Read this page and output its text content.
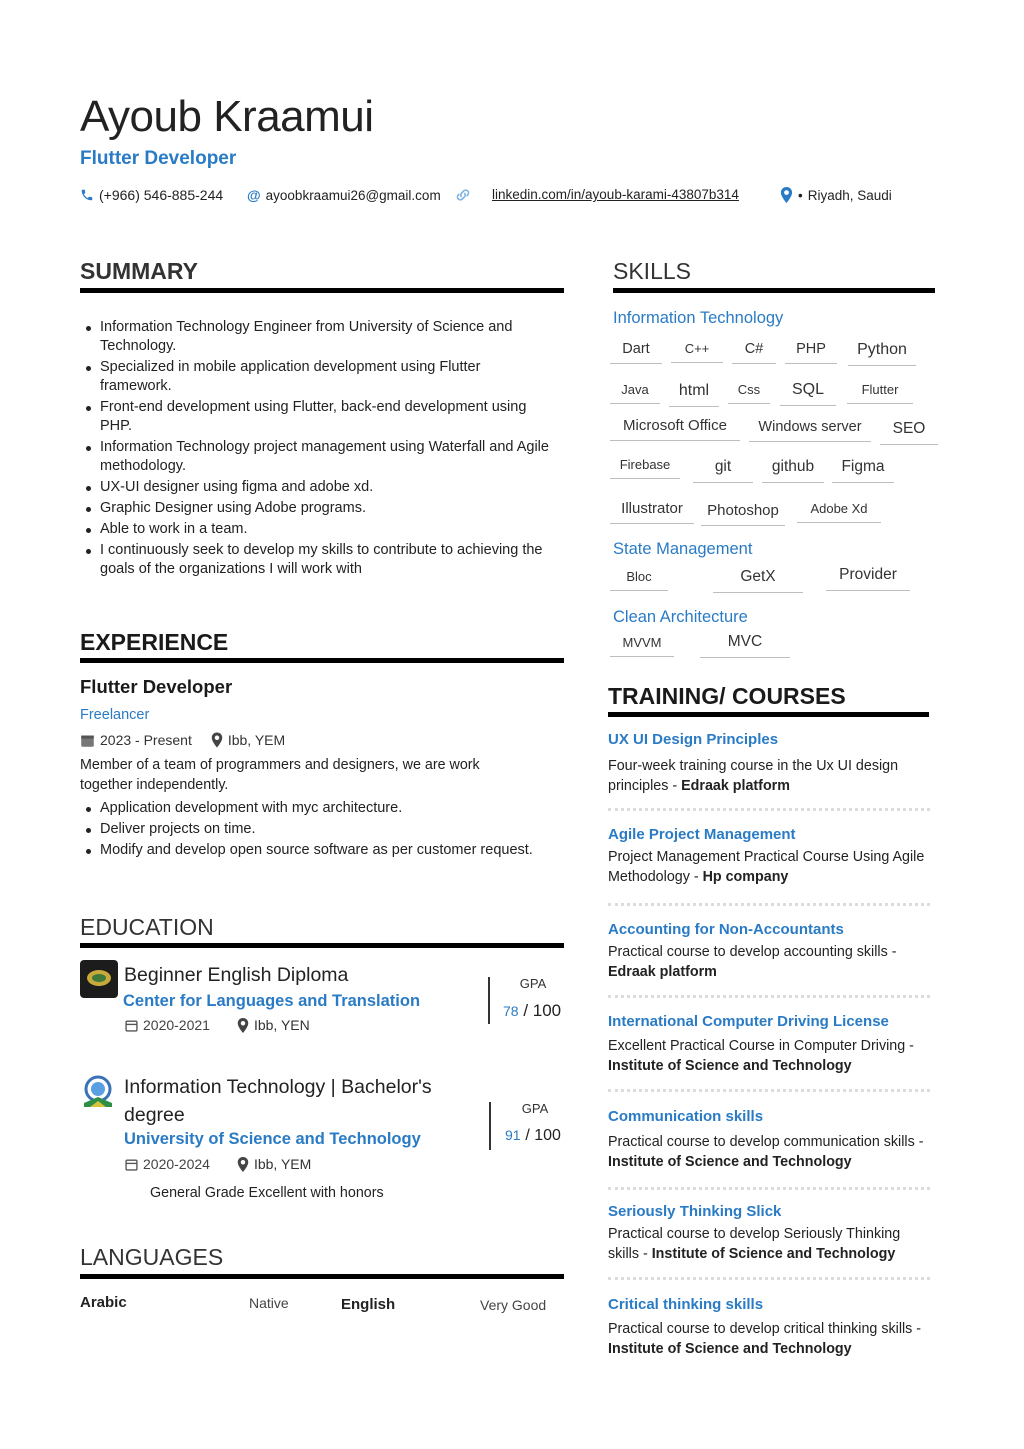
Ayoub Kraamui
Flutter Developer
(+966) 546-885-244 @ ayoobkraamui26@gmail.com	linkedin.com/in/ayoub-karami-43807b314	• Riyadh, Saudi
SUMMARY
Information Technology Engineer from University of Science and Technology.
Specialized in mobile application development using Flutter framework.
Front-end development using Flutter, back-end development using PHP.
Information Technology project management using Waterfall and Agile methodology.
UX-UI designer using figma and adobe xd.
Graphic Designer using Adobe programs.
Able to work in a team.
I continuously seek to develop my skills to contribute to achieving the goals of the organizations I will work with
EXPERIENCE
Flutter Developer
Freelancer
2023 - Present	Ibb, YEM
Member of a team of programmers and designers, we are work together independently.
Application development with myc architecture.
Deliver projects on time.
Modify and develop open source software as per customer request.
EDUCATION
Beginner English Diploma
Center for Languages and Translation
2020-2021	Ibb, YEN
GPA
78 / 100
Information Technology | Bachelor's degree
University of Science and Technology
2020-2024	Ibb, YEM
GPA
91 / 100
General Grade Excellent with honors
LANGUAGES
Arabic	Native	English	Very Good
SKILLS
Information Technology
Dart	C++	C#	PHP	Python
Java	html	Css	SQL	Flutter
Microsoft Office	Windows server	SEO
Firebase	git	github	Figma
Illustrator	Photoshop	Adobe Xd
State Management
Bloc	GetX	Provider
Clean Architecture
MVVM	MVC
TRAINING/ COURSES
UX UI Design Principles
Four-week training course in the Ux UI design principles - Edraak platform
Agile Project Management
Project Management Practical Course Using Agile Methodology - Hp company
Accounting for Non-Accountants
Practical course to develop accounting skills - Edraak platform
International Computer Driving License
Excellent Practical Course in Computer Driving - Institute of Science and Technology
Communication skills
Practical course to develop communication skills - Institute of Science and Technology
Seriously Thinking Slick
Practical course to develop Seriously Thinking skills - Institute of Science and Technology
Critical thinking skills
Practical course to develop critical thinking skills - Institute of Science and Technology
